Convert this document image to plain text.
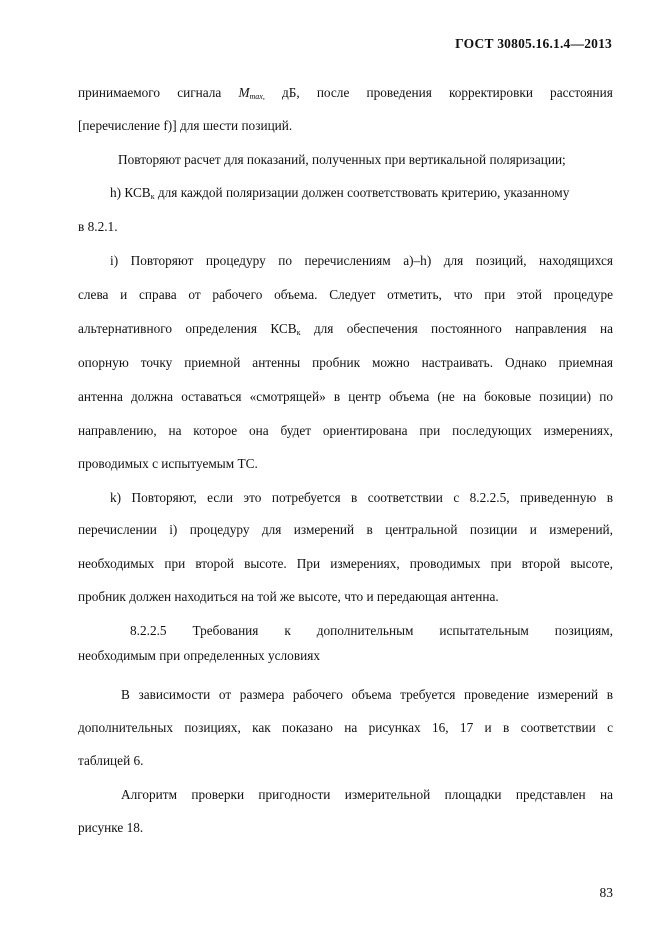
ГОСТ 30805.16.1.4—2013
принимаемого сигнала $M_{max,}$ дБ, после проведения корректировки расстояния
[перечисление f)] для шести позиций.
Повторяют расчет для показаний, полученных при вертикальной поляризации;
h) $КСВ_к$ для каждой поляризации должен соответствовать критерию, указанному
в 8.2.1.
i) Повторяют процедуру по перечислениям а)–h) для позиций, находящихся
слева и справа от рабочего объема. Следует отметить, что при этой процедуре
альтернативного определения $КСВ_к$ для обеспечения постоянного направления на
опорную точку приемной антенны пробник можно настраивать. Однако приемная
антенна должна оставаться «смотрящей» в центр объема (не на боковые позиции) по
направлению, на которое она будет ориентирована при последующих измерениях,
проводимых с испытуемым ТС.
k) Повторяют, если это потребуется в соответствии с 8.2.2.5, приведенную в
перечислении i) процедуру для измерений в центральной позиции и измерений,
необходимых при второй высоте. При измерениях, проводимых при второй высоте,
пробник должен находиться на той же высоте, что и передающая антенна.
8.2.2.5 Требования к дополнительным испытательным позициям,
необходимым при определенных условиях
В зависимости от размера рабочего объема требуется проведение измерений в
дополнительных позициях, как показано на рисунках 16, 17 и в соответствии с
таблицей 6.
Алгоритм проверки пригодности измерительной площадки представлен на
рисунке 18.
83
